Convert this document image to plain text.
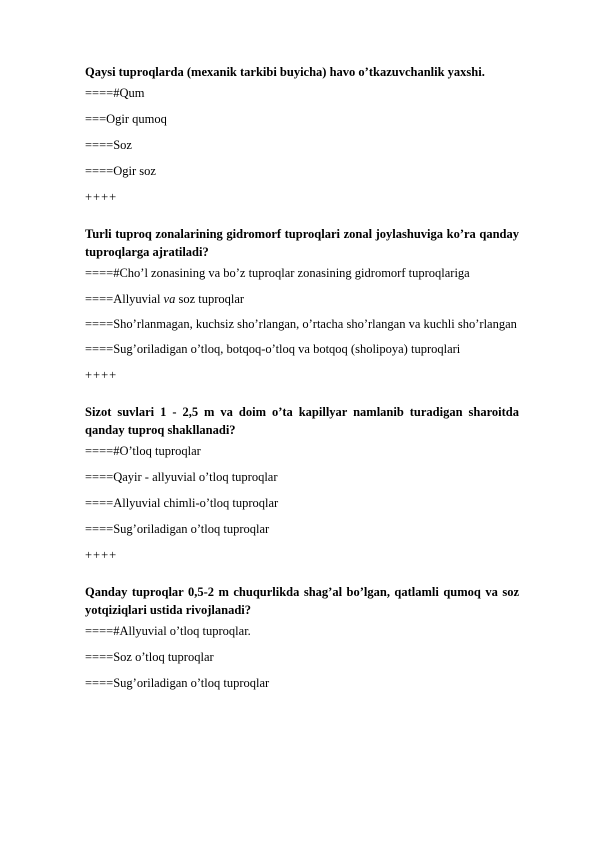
Qaysi tuproqlarda (mexanik tarkibi buyicha) havo o’tkazuvchanlik yaxshi.
====#Qum
===Ogir qumoq
====Soz
====Ogir soz
++++
Turli tuproq zonalarining gidromorf tuproqlari zonal joylashuviga ko’ra qanday tuproqlarga ajratiladi?
====#Cho’l zonasining va bo’z tuproqlar zonasining gidromorf tuproqlariga
====Allyuvial va soz tuproqlar
====Sho’rlanmagan, kuchsiz sho’rlangan, o’rtacha sho’rlangan va kuchli sho’rlangan
====Sug’oriladigan o’tloq, botqoq-o’tloq va botqoq (sholipoya) tuproqlari
++++
Sizot suvlari 1 - 2,5 m va doim o’ta kapillyar namlanib turadigan sharoitda qanday tuproq shakllanadi?
====#O’tloq tuproqlar
====Qayir - allyuvial o’tloq tuproqlar
====Allyuvial chimli-o’tloq tuproqlar
====Sug’oriladigan o’tloq tuproqlar
++++
Qanday tuproqlar 0,5-2 m chuqurlikda shag’al bo’lgan, qatlamli qumoq va soz yotqiziqlari ustida rivojlanadi?
====#Allyuvial o’tloq tuproqlar.
====Soz o’tloq tuproqlar
====Sug’oriladigan o’tloq tuproqlar
